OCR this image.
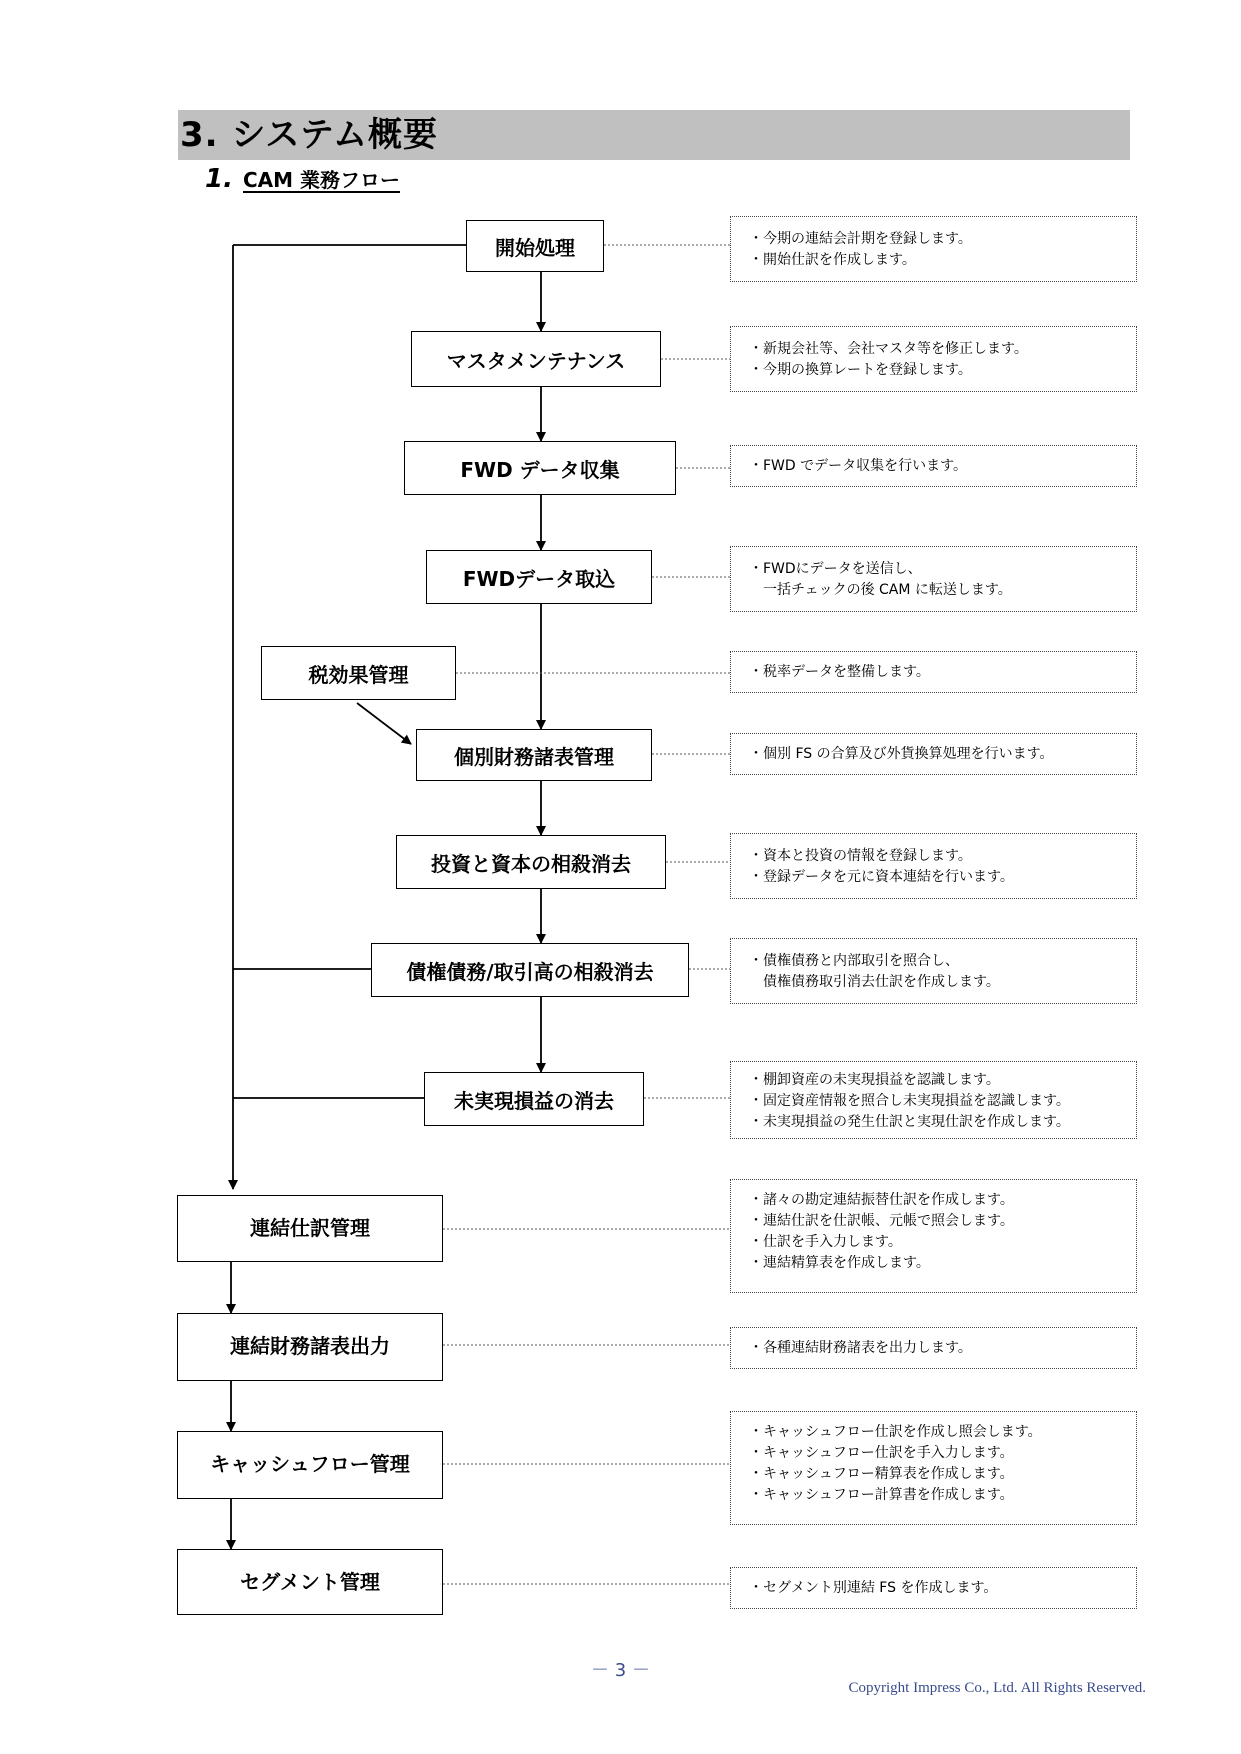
3. システム概要
1. CAM 業務フロー
開始処理
マスタメンテナンス
FWD データ収集
FWDデータ取込
税効果管理
個別財務諸表管理
投資と資本の相殺消去
債権債務/取引高の相殺消去
未実現損益の消去
連結仕訳管理
連結財務諸表出力
キャッシュフロー管理
セグメント管理
・今期の連結会計期を登録します。
・開始仕訳を作成します。
・新規会社等、会社マスタ等を修正します。
・今期の換算レートを登録します。
・FWD でデータ収集を行います。
・FWDにデータを送信し、
　一括チェックの後 CAM に転送します。
・税率データを整備します。
・個別 FS の合算及び外貨換算処理を行います。
・資本と投資の情報を登録します。
・登録データを元に資本連結を行います。
・債権債務と内部取引を照合し、
　債権債務取引消去仕訳を作成します。
・棚卸資産の未実現損益を認識します。
・固定資産情報を照合し未実現損益を認識します。
・未実現損益の発生仕訳と実現仕訳を作成します。
・諸々の勘定連結振替仕訳を作成します。
・連結仕訳を仕訳帳、元帳で照会します。
・仕訳を手入力します。
・連結精算表を作成します。
・各種連結財務諸表を出力します。
・キャッシュフロー仕訳を作成し照会します。
・キャッシュフロー仕訳を手入力します。
・キャッシュフロー精算表を作成します。
・キャッシュフロー計算書を作成します。
・セグメント別連結 FS を作成します。
－ 3 －
Copyright Impress Co., Ltd. All Rights Reserved.
